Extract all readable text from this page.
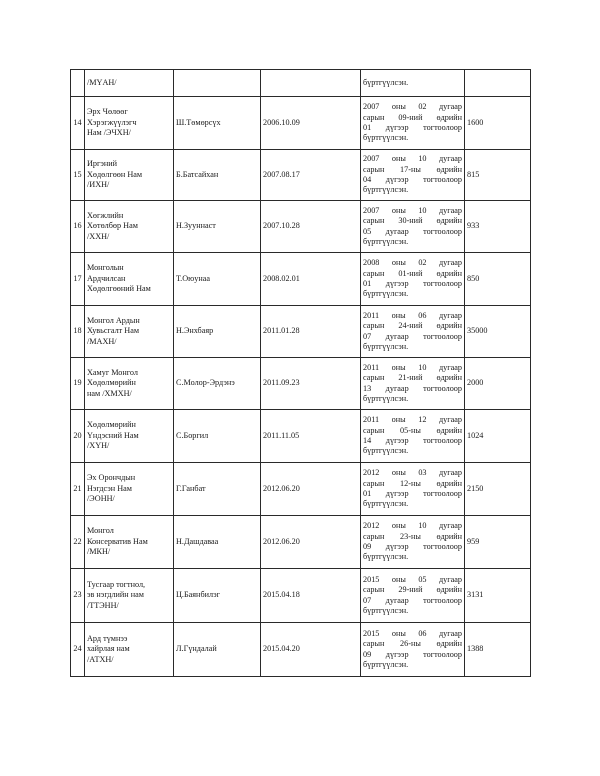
	/МҮАН/			бүртгүүлсэн.	

14	Эрх Чөлөөг
Хэрэгжүүлэгч
Нам /ЭЧХН/	Ш.Төмөрсүх	2006.10.09	2007 оны 02 дугаар
сарын 09-ний өдрийн
01 дүгээр тогтоолоор
бүртгүүлсэн.	1600
15	Иргэний
Хөдөлгөөн Нам
/ИХН/	Б.Батсайхан	2007.08.17	2007 оны 10 дугаар
сарын 17-ны өдрийн
04 дүгээр тогтоолоор
бүртгүүлсэн.	815
16	Хөгжлийн
Хөтөлбөр Нам
/ХХН/	Н.Зууннаст	2007.10.28	2007 оны 10 дугаар
сарын 30-ний өдрийн
05 дугаар тогтоолоор
бүртгүүлсэн.	933
17	Монголын
Ардчилсан
Хөдөлгөөний Нам	Т.Оюунаа	2008.02.01	2008 оны 02 дугаар
сарын 01-ний өдрийн
01 дүгээр тогтоолоор
бүртгүүлсэн.	850
18	Монгол Ардын
Хувьсгалт Нам
/МАХН/	Н.Энхбаяр	2011.01.28	2011 оны 06 дугаар
сарын 24-ний өдрийн
07 дугаар тогтоолоор
бүртгүүлсэн.	35000
19	Хамуг Монгол
Хөдөлмөрийн
нам /ХМХН/	С.Молор-Эрдэнэ	2011.09.23	2011 оны 10 дугаар
сарын 21-ний өдрийн
13 дугаар тогтоолоор
бүртгүүлсэн.	2000
20	Хөдөлмөрийн
Үндэсний Нам
/ХҮН/	С.Боргил	2011.11.05	2011 оны 12 дугаар
сарын 05-ны өдрийн
14 дүгээр тогтоолоор
бүртгүүлсэн.	1024
21	Эх Орончдын
Нэгдсэн Нам
/ЭОНН/	Г.Ганбат	2012.06.20	2012 оны 03 дугаар
сарын 12-ны өдрийн
01 дүгээр тогтоолоор
бүртгүүлсэн.	2150
22	Монгол
Консерватив Нам
/МКН/	Н.Дашдаваа	2012.06.20	2012 оны 10 дугаар
сарын 23-ны өдрийн
09 дүгээр тогтоолоор
бүртгүүлсэн.	959
23	Тусгаар тогтнол,
эв нэгдлийн нам
/ТТЭНН/	Ц.Баянбилэг	2015.04.18	2015 оны 05 дугаар
сарын 29-ний өдрийн
07 дугаар тогтоолоор
бүртгүүлсэн.	3131
24	Ард түмнээ
хайрлая нам
/АТХН/	Л.Гүндалай	2015.04.20	2015 оны 06 дугаар
сарын 26-ны өдрийн
09 дүгээр тогтоолоор
бүртгүүлсэн.	1388
